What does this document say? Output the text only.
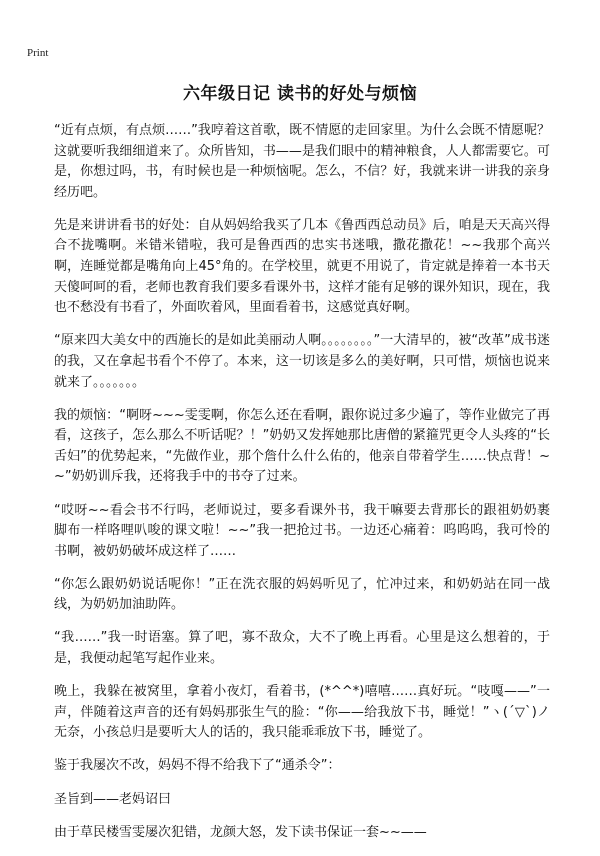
Print
六年级日记 读书的好处与烦恼

“近有点烦，有点烦……”我哼着这首歌，既不情愿的走回家里。为什么会既不情愿呢？这就要听我细细道来了。众所皆知，书——是我们眼中的精神粮食，人人都需要它。可是，你想过吗，书，有时候也是一种烦恼呢。怎么，不信？好，我就来讲一讲我的亲身经历吧。

先是来讲讲看书的好处：自从妈妈给我买了几本《鲁西西总动员》后，咱是天天高兴得合不拢嘴啊。米错米错啦，我可是鲁西西的忠实书迷哦，撒花撒花！~~我那个高兴啊，连睡觉都是嘴角向上45°角的。在学校里，就更不用说了，肯定就是捧着一本书天天傻呵呵的看，老师也教育我们要多看课外书，这样才能有足够的课外知识，现在，我也不愁没有书看了，外面吹着风，里面看着书，这感觉真好啊。

“原来四大美女中的西施长的是如此美丽动人啊。。。。。。。。”一大清早的，被“改革”成书迷的我，又在拿起书看个不停了。本来，这一切该是多么的美好啊，只可惜，烦恼也说来就来了。。。。。。。

我的烦恼：“啊呀~~~雯雯啊，你怎么还在看啊，跟你说过多少遍了，等作业做完了再看，这孩子，怎么那么不听话呢？！”奶奶又发挥她那比唐僧的紧箍咒更令人头疼的“长舌妇”的优势起来，“先做作业，那个詹什么什么佑的，他亲自带着学生……快点背！~~”奶奶训斥我，还将我手中的书夺了过来。

“哎呀~~看会书不行吗，老师说过，要多看课外书，我干嘛要去背那长的跟祖奶奶裹脚布一样咯哩叭唆的课文啦！~~”我一把抢过书。一边还心痛着：呜呜呜，我可怜的书啊，被奶奶破坏成这样了……

“你怎么跟奶奶说话呢你！”正在洗衣服的妈妈听见了，忙冲过来，和奶奶站在同一战线，为奶奶加油助阵。

“我……”我一时语塞。算了吧，寡不敌众，大不了晚上再看。心里是这么想着的，于是，我便动起笔写起作业来。

晚上，我躲在被窝里，拿着小夜灯，看着书，(*^^*)嘻嘻……真好玩。“吱嘎——”一声，伴随着这声音的还有妈妈那张生气的脸：“你——给我放下书，睡觉！”ヽ(ˊ▽ˋ)ノ无奈，小孩总归是要听大人的话的，我只能乖乖放下书，睡觉了。

鉴于我屡次不改，妈妈不得不给我下了“通杀令”：

圣旨到——老妈诏曰

由于草民楼雪雯屡次犯错，龙颜大怒，发下读书保证一套~~——
